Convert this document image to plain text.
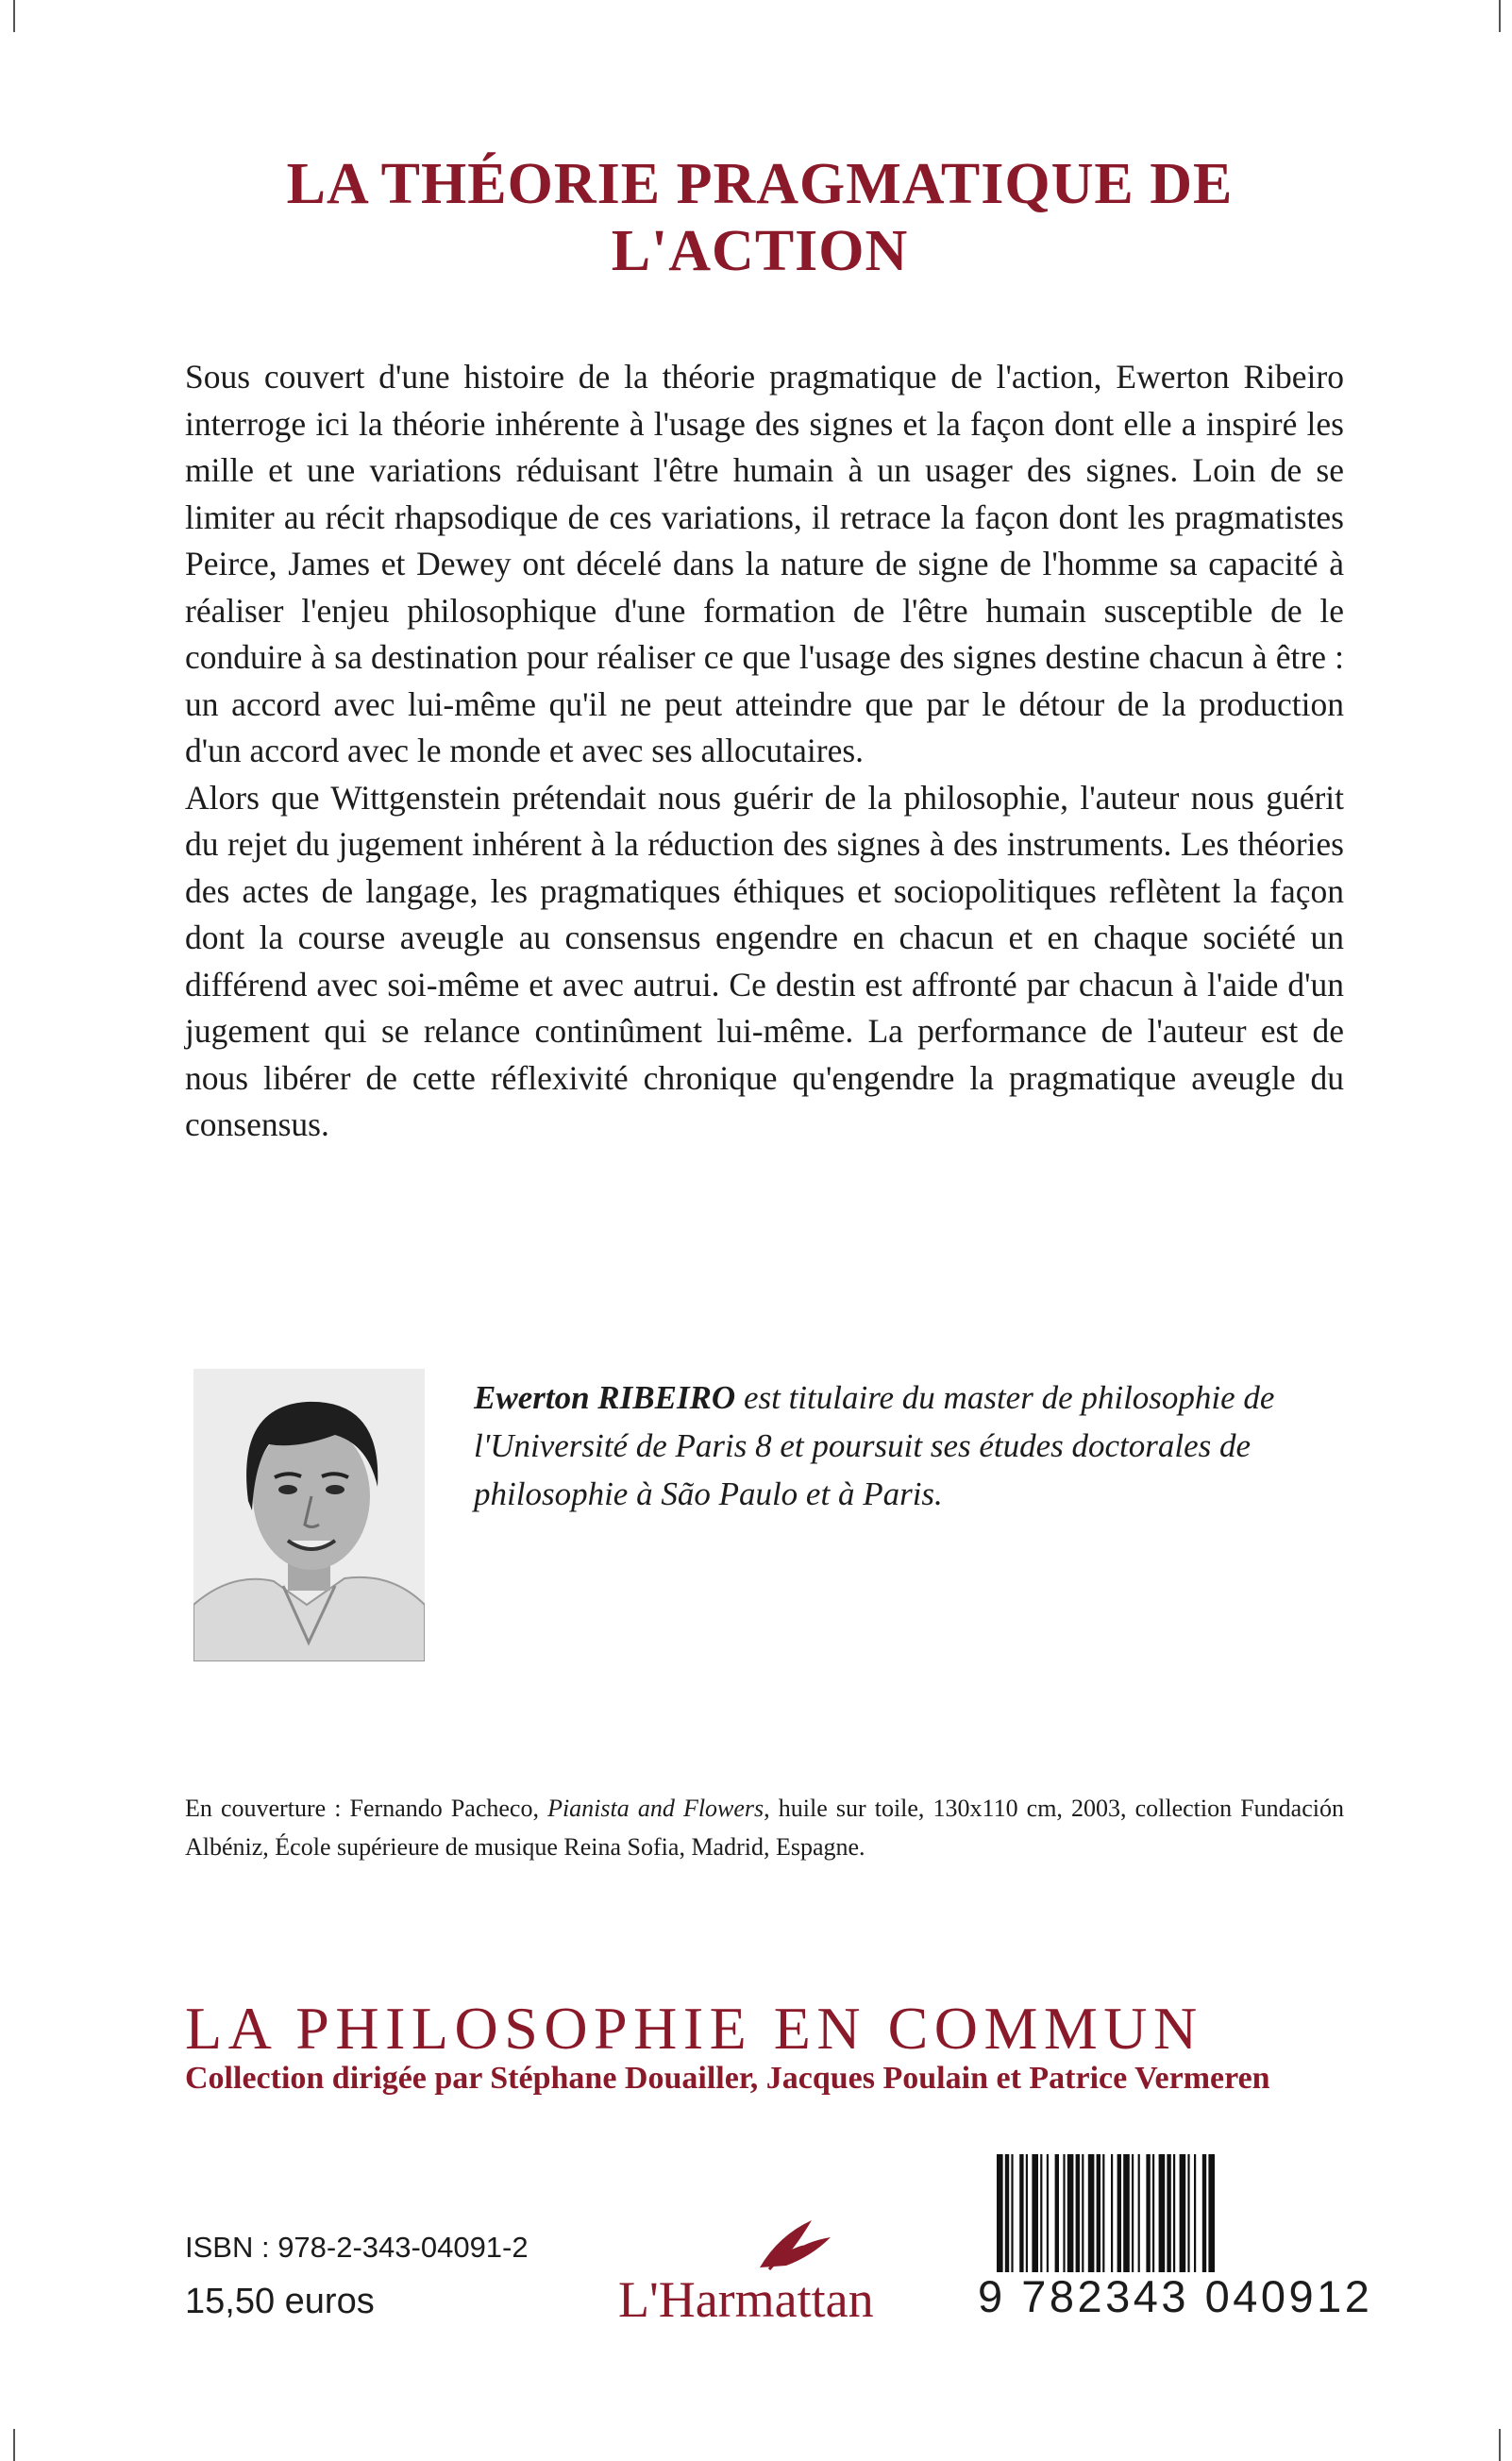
LA THÉORIE PRAGMATIQUE DE L'ACTION

Sous couvert d'une histoire de la théorie pragmatique de l'action, Ewerton Ribeiro interroge ici la théorie inhérente à l'usage des signes et la façon dont elle a inspiré les mille et une variations réduisant l'être humain à un usager des signes. Loin de se limiter au récit rhapsodique de ces variations, il retrace la façon dont les pragmatistes Peirce, James et Dewey ont décelé dans la nature de signe de l'homme sa capacité à réaliser l'enjeu philosophique d'une formation de l'être humain susceptible de le conduire à sa destination pour réaliser ce que l'usage des signes destine chacun à être : un accord avec lui-même qu'il ne peut atteindre que par le détour de la production d'un accord avec le monde et avec ses allocutaires.

Alors que Wittgenstein prétendait nous guérir de la philosophie, l'auteur nous guérit du rejet du jugement inhérent à la réduction des signes à des instruments. Les théories des actes de langage, les pragmatiques éthiques et sociopolitiques reflètent la façon dont la course aveugle au consensus engendre en chacun et en chaque société un différend avec soi-même et avec autrui. Ce destin est affronté par chacun à l'aide d'un jugement qui se relance continûment lui-même. La performance de l'auteur est de nous libérer de cette réflexivité chronique qu'engendre la pragmatique aveugle du consensus.

Ewerton RIBEIRO est titulaire du master de philosophie de l'Université de Paris 8 et poursuit ses études doctorales de philosophie à São Paulo et à Paris.

En couverture : Fernando Pacheco, Pianista and Flowers, huile sur toile, 130x110 cm, 2003, collection Fundación Albéniz, École supérieure de musique Reina Sofia, Madrid, Espagne.

LA PHILOSOPHIE EN COMMUN

Collection dirigée par Stéphane Douailler, Jacques Poulain et Patrice Vermeren

ISBN : 978-2-343-04091-2

15,50 euros	L'Harmattan 9 782343 040912
